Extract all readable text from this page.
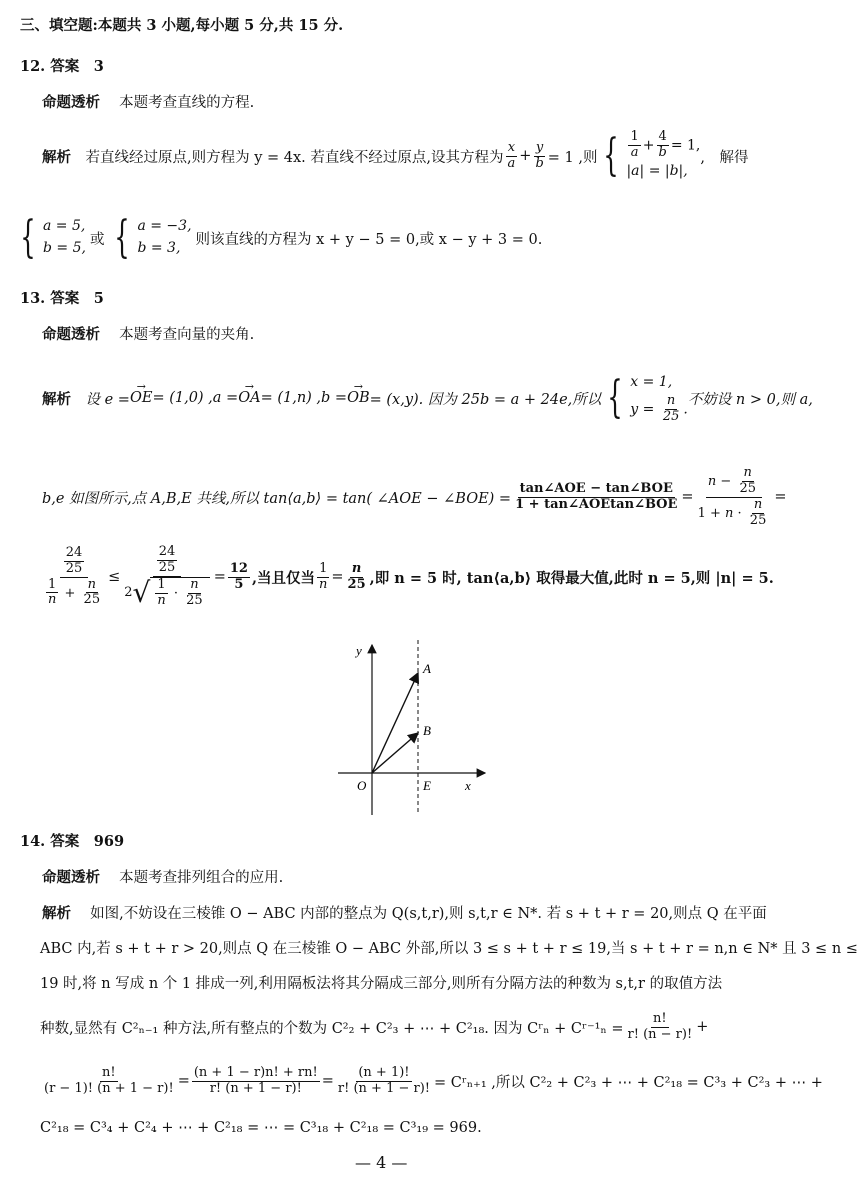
三、填空题:本题共 3 小题,每小题 5 分,共 15 分.
12. 答案　3
命题透析　 本题考查直线的方程.
解析
　 若直线经过原点,则方程为 y = 4x. 若直线不经过原点,设其方程为 $\frac{x}{a} + \frac{y}{b} = 1$ ,则 { $\frac{1}{a} + \frac{4}{b} = 1$,
|a| = |b|,
,　解得
{ a = 5,
b = 5,
或 { a = −3,
b = 3,
则该直线的方程为 x + y − 5 = 0,或 x − y + 3 = 0.
13. 答案　5
命题透析　 本题考查向量的夹角.
解析
　 设 e = → OE = (1,0) ,a = → OA = (1,n) ,b = → OB = (x,y). 因为 25b = a + 24e,所以 { x = 1,
$y = \frac{n}{25}$ .
不妨设 n > 0,则 a,
b,e 如图所示,点 A,B,E 共线,所以 tan⟨a,b⟩ = tan( ∠AOE − ∠BOE) = $\frac{\text{tan∠AOE − tan∠BOE}}{\text{1 + tan∠AOEtan∠BOE}} = \frac{n - \frac{n}{25}}{1 + n \cdot \frac{n}{25}}$ =
$\frac{\frac{24}{25}}{\frac{1}{n} + \frac{n}{25}} \le \frac{\frac{24}{25}}{2 √ \frac{1}{n} \cdot \frac{n}{25}} = \frac{12}{5}$ ,当且仅当 $\frac{1}{n} = \frac{n}{25}$ ,即 n = 5 时, tan⟨a,b⟩ 取得最大值,此时 n = 5,则 |n| = 5.
y
A
B
O	E	x
14. 答案　969
命题透析　 本题考查排列组合的应用.
解析　 如图,不妨设在三棱锥 O − ABC 内部的整点为 Q(s,t,r),则 s,t,r ∈ N*. 若 s + t + r = 20,则点 Q 在平面
ABC 内,若 s + t + r > 20,则点 Q 在三棱锥 O − ABC 外部,所以 3 ≤ s + t + r ≤ 19,当 s + t + r = n,n ∈ N* 且 3 ≤ n ≤
19 时,将 n 写成 n 个 1 排成一列,利用隔板法将其分隔成三部分,则所有分隔方法的种数为 s,t,r 的取值方法
种数,显然有 C²ₙ₋₁ 种方法,所有整点的个数为 C²₂ + C²₃ + ⋯ + C²₁₈. 因为 Cʳₙ + Cʳ⁻¹ₙ = $\frac{n!}{r! (n - r)!}$ +
$\frac{n!}{(r - 1)! (n + 1 - r)!} = \frac{(n + 1 - r)n! + rn!}{r! (n + 1 - r)!} = \frac{(n + 1)!}{r! (n + 1 - r)!}$ = Cʳₙ₊₁ ,所以 C²₂ + C²₃ + ⋯ + C²₁₈ = C³₃ + C²₃ + ⋯ +
C²₁₈ = C³₄ + C²₄ + ⋯ + C²₁₈ = ⋯ = C³₁₈ + C²₁₈ = C³₁₉ = 969.
— 4 —
